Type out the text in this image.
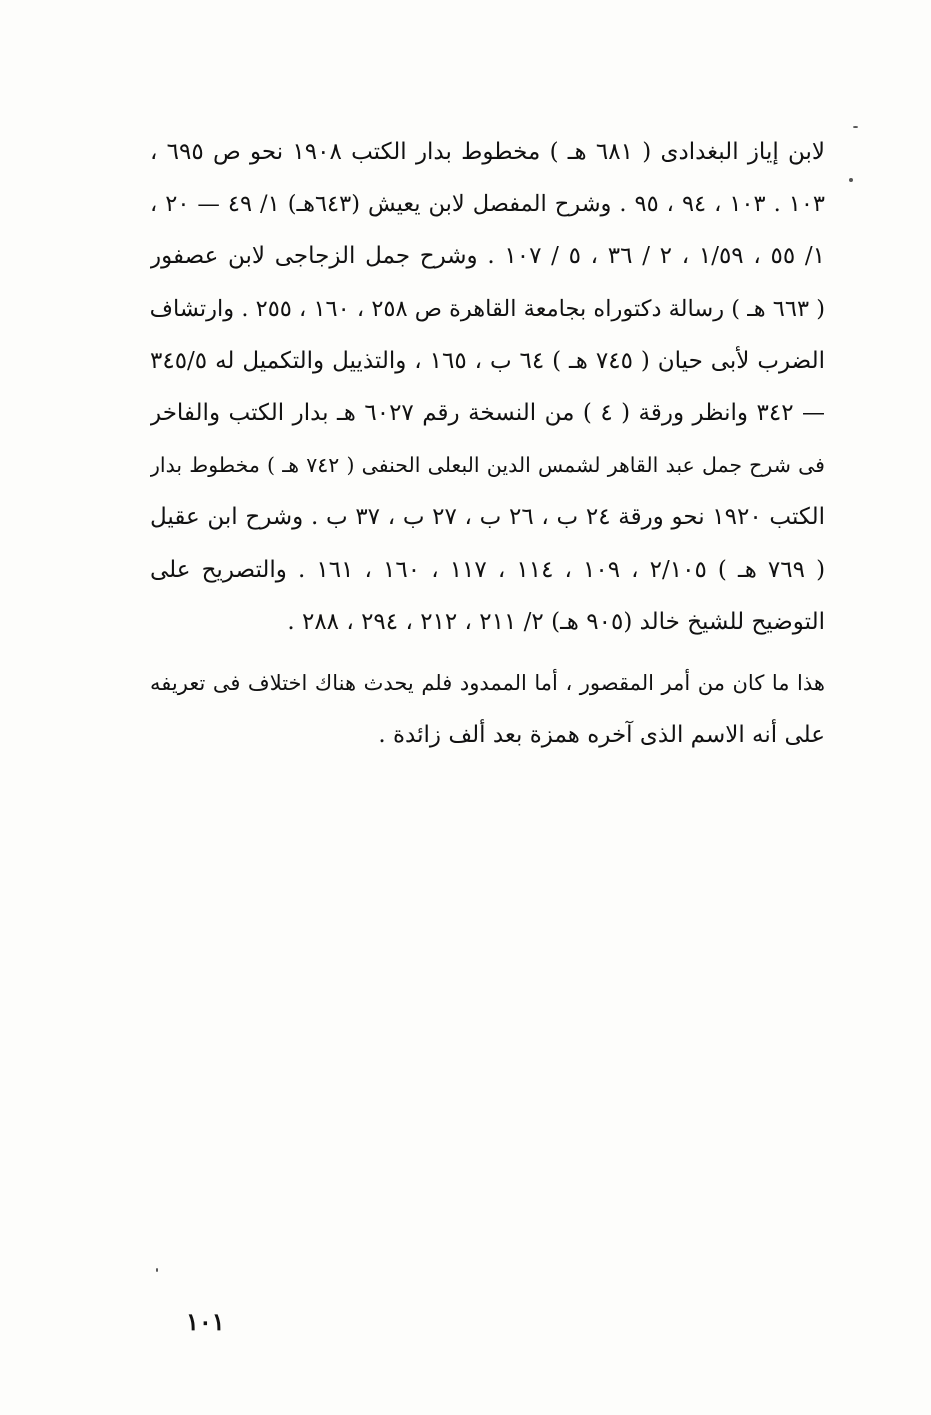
لابن إياز البغدادى ( ٦٨١ هـ ) مخطوط بدار الكتب ١٩٠٨ نحو ص ٦٩٥ ،
١٠٣ . ١٠٣ ، ٩٤ ، ٩٥ . وشرح المفصل لابن يعيش (٦٤٣هـ) ١/ ٤٩ — ٢٠ ،
١/ ٥٥ ، ١/٥٩ ، ٢ / ٣٦ ، ٥ / ١٠٧ . وشرح جمل الزجاجى لابن عصفور
( ٦٦٣ هـ ) رسالة دكتوراه بجامعة القاهرة ص ٢٥٨ ، ١٦٠ ، ٢٥٥ . وارتشاف
الضرب لأبى حيان ( ٧٤٥ هـ ) ٦٤ ب ، ١٦٥ ، والتذييل والتكميل له ٣٤٥/٥
— ٣٤٢ وانظر ورقة ( ٤ ) من النسخة رقم ٦٠٢٧ هـ بدار الكتب والفاخر
فى شرح جمل عبد القاهر لشمس الدين البعلى الحنفى ( ٧٤٢ هـ ) مخطوط بدار
الكتب ١٩٢٠ نحو ورقة ٢٤ ب ، ٢٦ ب ، ٢٧ ب ، ٣٧ ب . وشرح ابن عقيل
( ٧٦٩ هـ ) ٢/١٠٥ ، ١٠٩ ، ١١٤ ، ١١٧ ، ١٦٠ ، ١٦١ . والتصريح على
التوضيح للشيخ خالد (٩٠٥ هـ) ٢/ ٢١١ ، ٢١٢ ، ٢٩٤ ، ٢٨٨ .
هذا ما كان من أمر المقصور ، أما الممدود فلم يحدث هناك اختلاف فى تعريفه
على أنه الاسم الذى آخره همزة بعد ألف زائدة .
١٠١
